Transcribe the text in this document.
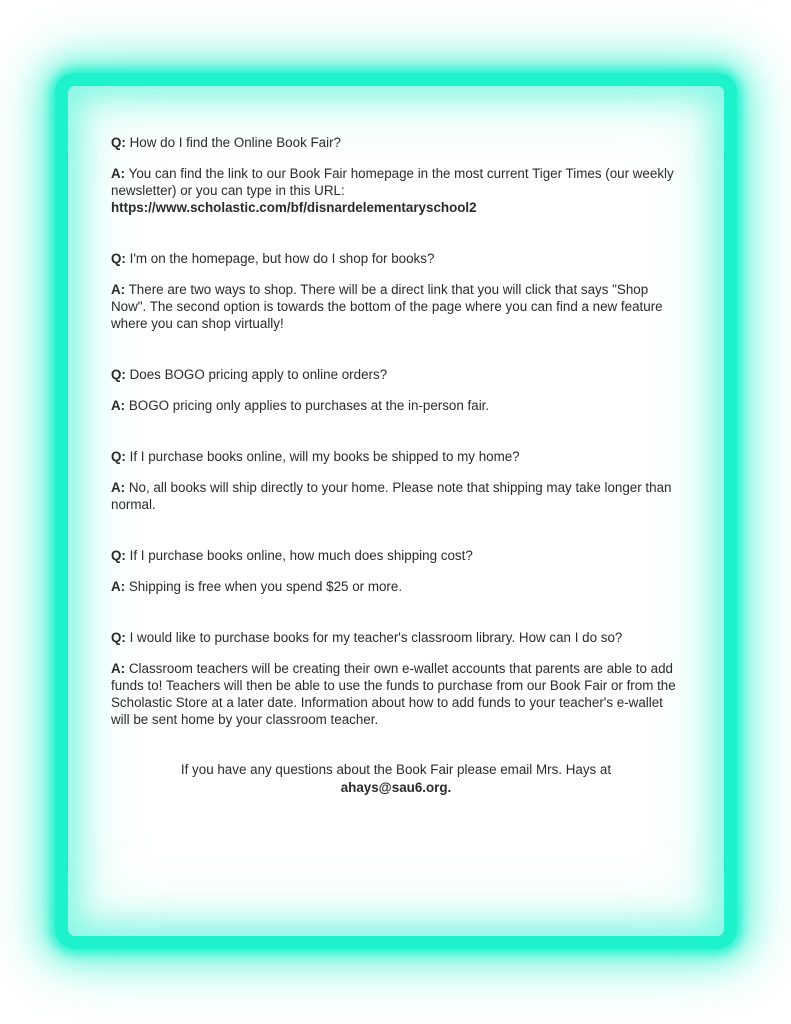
Q: How do I find the Online Book Fair?

A: You can find the link to our Book Fair homepage in the most current Tiger Times (our weekly newsletter) or you can type in this URL:
https://www.scholastic.com/bf/disnardelementaryschool2

Q: I'm on the homepage, but how do I shop for books?

A: There are two ways to shop. There will be a direct link that you will click that says "Shop Now". The second option is towards the bottom of the page where you can find a new feature where you can shop virtually!

Q: Does BOGO pricing apply to online orders?

A: BOGO pricing only applies to purchases at the in-person fair.

Q: If I purchase books online, will my books be shipped to my home?

A: No, all books will ship directly to your home. Please note that shipping may take longer than normal.

Q: If I purchase books online, how much does shipping cost?

A: Shipping is free when you spend $25 or more.

Q: I would like to purchase books for my teacher's classroom library. How can I do so?

A: Classroom teachers will be creating their own e-wallet accounts that parents are able to add funds to! Teachers will then be able to use the funds to purchase from our Book Fair or from the Scholastic Store at a later date. Information about how to add funds to your teacher's e-wallet will be sent home by your classroom teacher.

If you have any questions about the Book Fair please email Mrs. Hays at
ahays@sau6.org.
